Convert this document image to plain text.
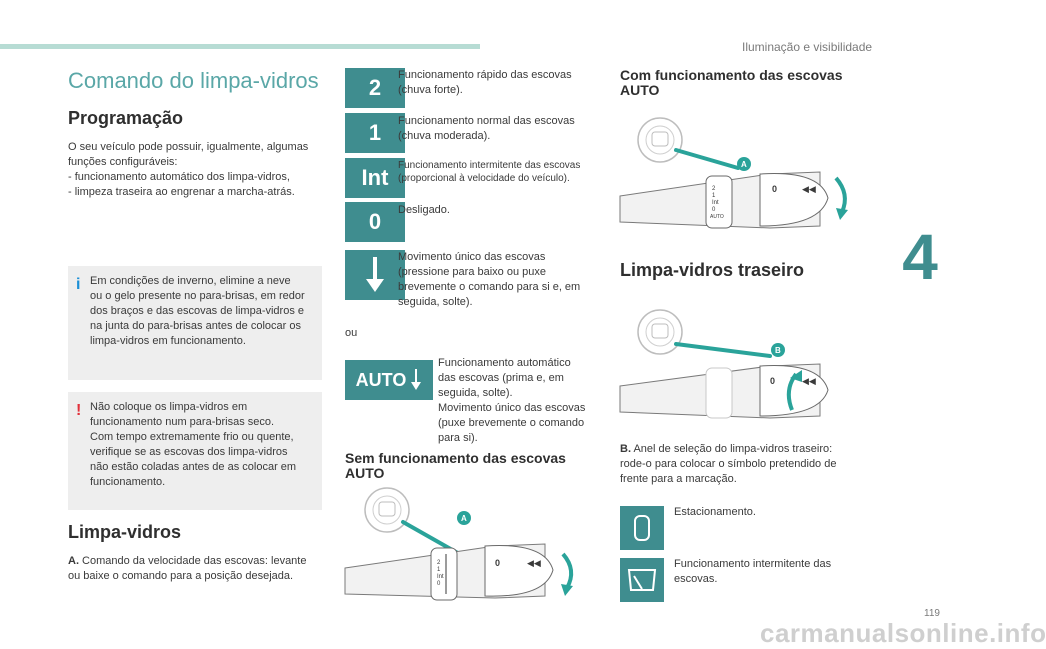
Iluminação e visibilidade
4
119
Comando do limpa-vidros
Programação
O seu veículo pode possuir, igualmente, algumas
funções configuráveis:
- funcionamento automático dos limpa-vidros,
- limpeza traseira ao engrenar a marcha-atrás.
i Em condições de inverno, elimine a neve
ou o gelo presente no para-brisas, em redor
dos braços e das escovas de limpa-vidros e
na junta do para-brisas antes de colocar os
limpa-vidros em funcionamento.
! Não coloque os limpa-vidros em
funcionamento num para-brisas seco.
Com tempo extremamente frio ou quente,
verifique se as escovas dos limpa-vidros
não estão coladas antes de as colocar em
funcionamento.
Limpa-vidros
A. Comando da velocidade das escovas: levante
ou baixe o comando para a posição desejada.
2	Funcionamento rápido das escovas
(chuva forte).
1	Funcionamento normal das escovas
(chuva moderada).
Int Funcionamento intermitente das escovas
(proporcional à velocidade do veículo).
0	Desligado.
Movimento único das escovas
(pressione para baixo ou puxe
brevemente o comando para si e, em
seguida, solte).
ou
AUTO
Funcionamento automático
das escovas (prima e, em
seguida, solte).
Movimento único das escovas
(puxe brevemente o comando
para si).
Sem funcionamento das escovas
AUTO
2
1
Int
0
A
0	◀◀
Com funcionamento das escovas
AUTO
2
1
Int
0
AUTO
A
0	◀◀
Limpa-vidros traseiro
B
0	◀◀
B. Anel de seleção do limpa-vidros traseiro:
rode-o para colocar o símbolo pretendido de
frente para a marcação.
Estacionamento.
Funcionamento intermitente das
escovas.
carmanualsonline.info
